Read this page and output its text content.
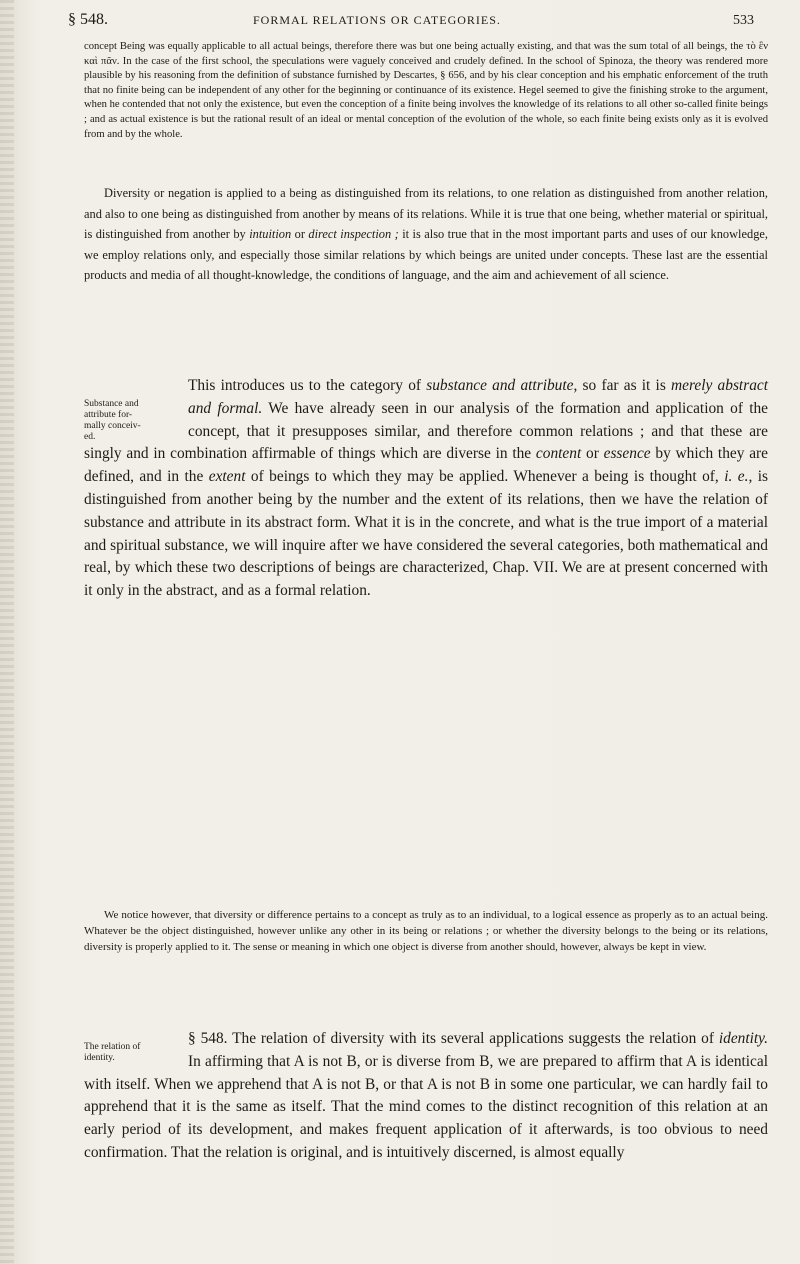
§ 548.	FORMAL RELATIONS OR CATEGORIES.	533

concept Being was equally applicable to all actual beings, therefore there was but one being actually existing, and that was the sum total of all beings, the τὸ ἓν καὶ πᾶν. In the case of the first school, the speculations were vaguely conceived and crudely defined. In the school of Spinoza, the theory was rendered more plausible by his reasoning from the definition of substance furnished by Descartes, § 656, and by his clear conception and his emphatic enforcement of the truth that no finite being can be independent of any other for the beginning or continuance of its existence. Hegel seemed to give the finishing stroke to the argument, when he contended that not only the existence, but even the conception of a finite being involves the knowledge of its relations to all other so-called finite beings ; and as actual existence is but the rational result of an ideal or mental conception of the evolution of the whole, so each finite being exists only as it is evolved from and by the whole.

Diversity or negation is applied to a being as distinguished from its relations, to one relation as distinguished from another relation, and also to one being as distinguished from another by means of its relations. While it is true that one being, whether material or spiritual, is distinguished from another by intuition or direct inspection ; it is also true that in the most important parts and uses of our knowledge, we employ relations only, and especially those similar relations by which beings are united under concepts. These last are the essential products and media of all thought-knowledge, the conditions of language, and the aim and achievement of all science.

Substance and
attribute for-
mally conceiv-
ed.

This introduces us to the category of substance and attribute, so far as it is merely abstract and formal. We have already seen in our analysis of the formation and application of the concept, that it presupposes similar, and therefore common relations ; and that these are singly and in combination affirmable of things which are diverse in the content or essence by which they are defined, and in the extent of beings to which they may be applied. Whenever a being is thought of, i. e., is distinguished from another being by the number and the extent of its relations, then we have the relation of substance and attribute in its abstract form. What it is in the concrete, and what is the true import of a material and spiritual substance, we will inquire after we have considered the several categories, both mathematical and real, by which these two descriptions of beings are characterized, Chap. VII. We are at present concerned with it only in the abstract, and as a formal relation.

We notice however, that diversity or difference pertains to a concept as truly as to an individual, to a logical essence as properly as to an actual being. Whatever be the object distinguished, however unlike any other in its being or relations ; or whether the diversity belongs to the being or its relations, diversity is properly applied to it. The sense or meaning in which one object is diverse from another should, however, always be kept in view.

The relation of
identity.

§ 548. The relation of diversity with its several applications suggests the relation of identity. In affirming that A is not B, or is diverse from B, we are prepared to affirm that A is identical with itself. When we apprehend that A is not B, or that A is not B in some one particular, we can hardly fail to apprehend that it is the same as itself. That the mind comes to the distinct recognition of this relation at an early period of its development, and makes frequent application of it afterwards, is too obvious to need confirmation. That the relation is original, and is intuitively discerned, is almost equally
